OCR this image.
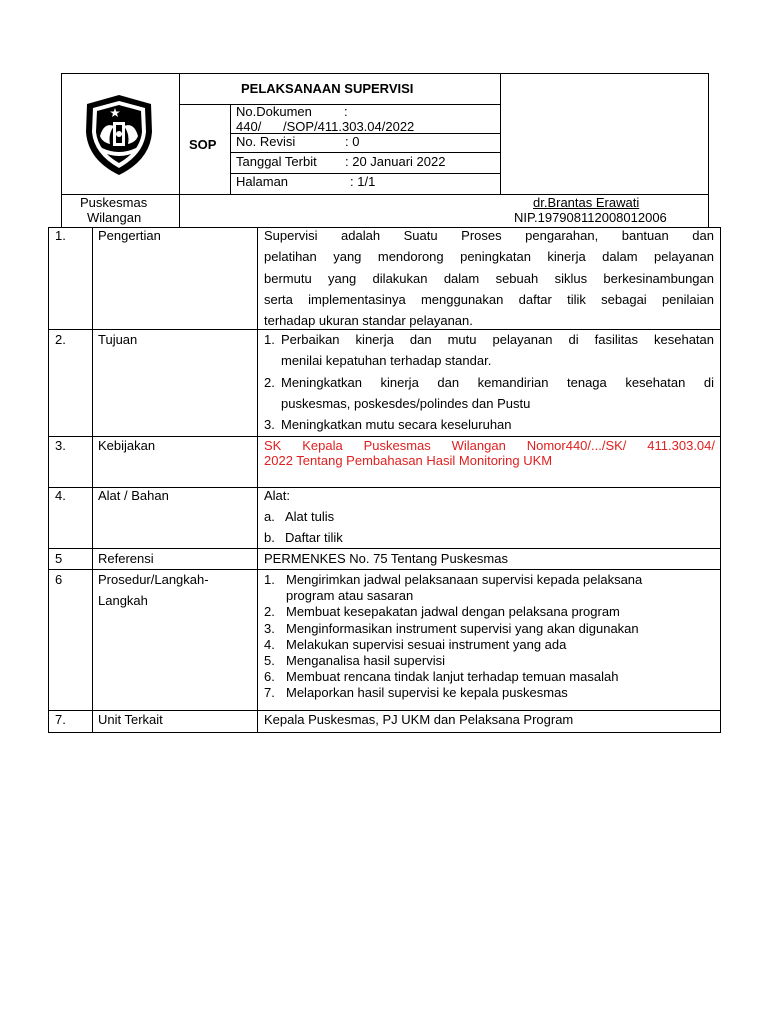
PELAKSANAAN SUPERVISI
SOP
No.Dokumen :
440/      /SOP/411.303.04/2022
No. Revisi	: 0
Tanggal Terbit : 20 Januari 2022
Halaman	: 1/1
Puskesmas
Wilangan
dr.Brantas Erawati
NIP.197908112008012006
1. Pengertian	Supervisi adalah Suatu Proses pengarahan, bantuan dan
pelatihan yang mendorong peningkatan kinerja dalam pelayanan
bermutu yang dilakukan dalam sebuah siklus berkesinambungan
serta implementasinya menggunakan daftar tilik sebagai penilaian
terhadap ukuran standar pelayanan.
2. Tujuan	1. Perbaikan kinerja dan mutu pelayanan di fasilitas kesehatan
menilai kepatuhan terhadap standar.
2. Meningkatkan kinerja dan kemandirian tenaga kesehatan di
puskesmas, poskesdes/polindes dan Pustu
3. Meningkatkan mutu secara keseluruhan
3. Kebijakan	SK Kepala Puskesmas Wilangan Nomor440/.../SK/ 411.303.04/
2022 Tentang Pembahasan Hasil Monitoring UKM
4. Alat / Bahan	Alat:
a. Alat tulis
b. Daftar tilik
5	Referensi	PERMENKES No. 75 Tentang Puskesmas
6	Prosedur/Langkah-
Langkah
1. Mengirimkan jadwal pelaksanaan supervisi kepada pelaksana
program atau sasaran
2. Membuat kesepakatan jadwal dengan pelaksana program
3. Menginformasikan instrument supervisi yang akan digunakan
4. Melakukan supervisi sesuai instrument yang ada
5. Menganalisa hasil supervisi
6. Membuat rencana tindak lanjut terhadap temuan masalah
7. Melaporkan hasil supervisi ke kepala puskesmas
7. Unit Terkait	Kepala Puskesmas, PJ UKM dan Pelaksana Program
